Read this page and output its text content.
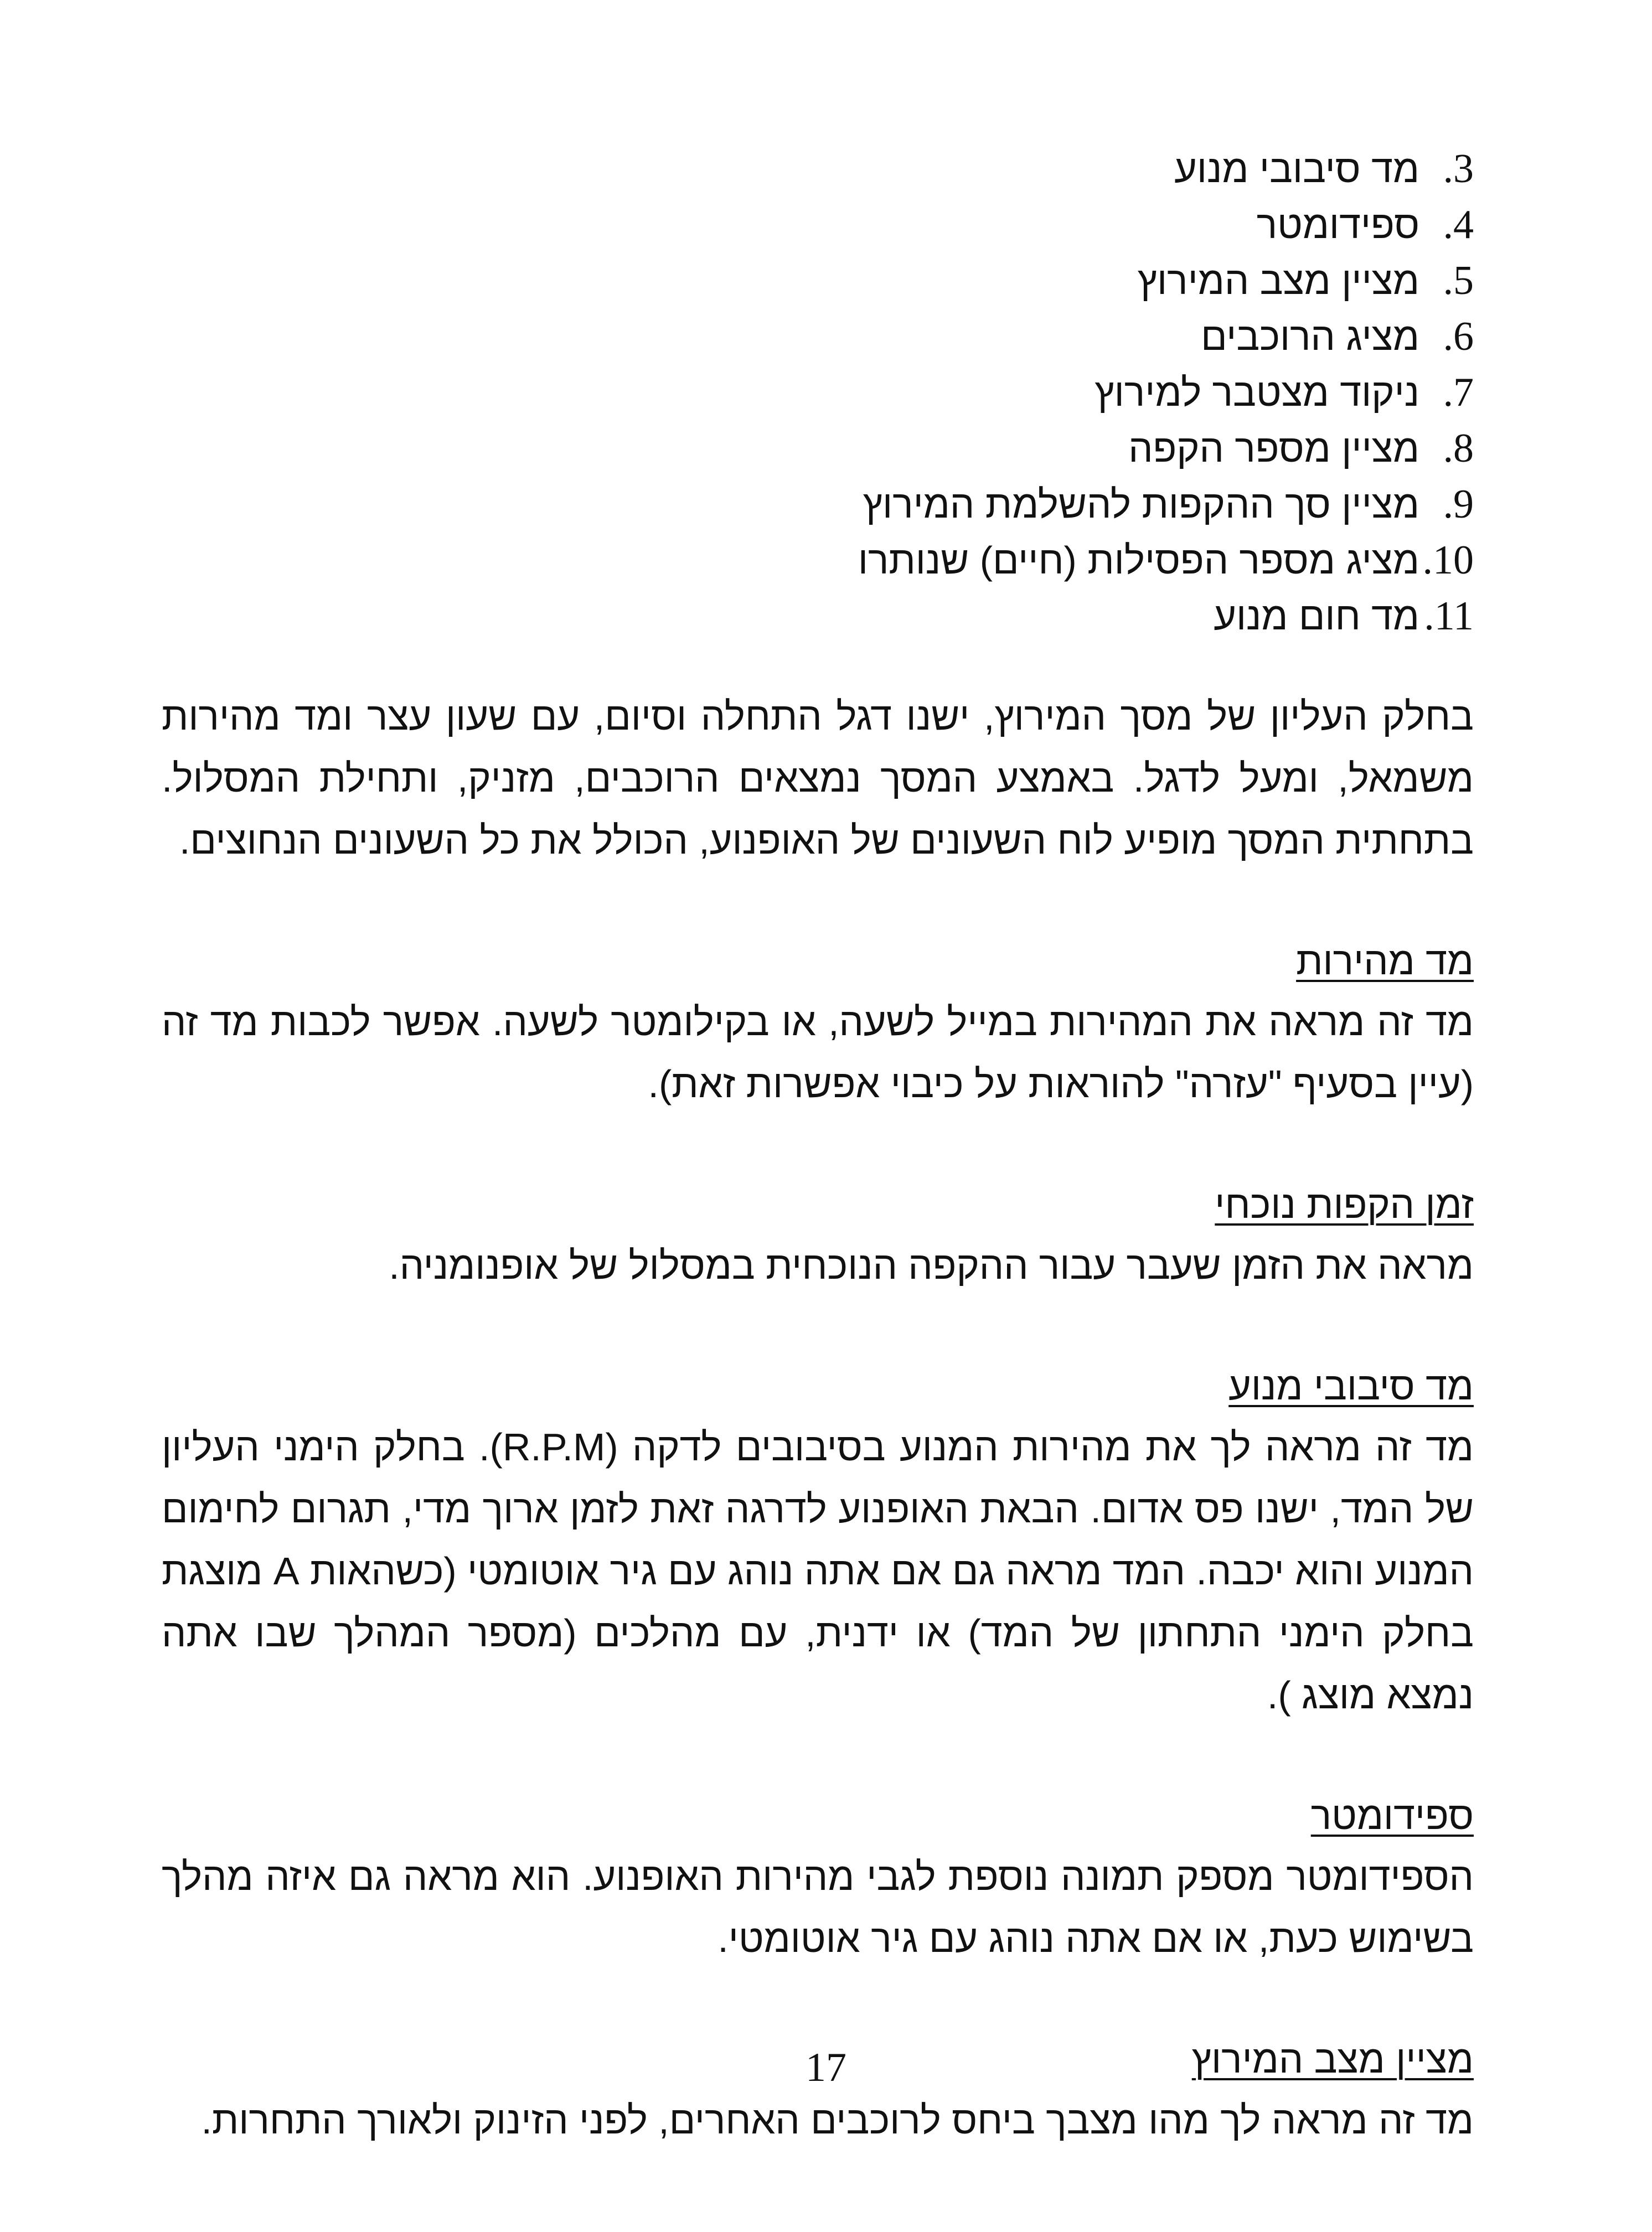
3.
מד סיבובי מנוע
4.
ספידומטר
5.
מציין מצב המירוץ
6.
מציג הרוכבים
7.
ניקוד מצטבר למירוץ
8.
מציין מספר הקפה
9.
מציין סך ההקפות להשלמת המירוץ
10.
מציג מספר הפסילות (חיים) שנותרו
11.
מד חום מנוע

בחלק העליון של מסך המירוץ, ישנו דגל התחלה וסיום, עם שעון עצר ומד מהירות משמאל, ומעל לדגל. באמצע המסך נמצאים הרוכבים, מזניק, ותחילת המסלול. בתחתית המסך מופיע לוח השעונים של האופנוע, הכולל את כל השעונים הנחוצים.

מד מהירות

מד זה מראה את המהירות במייל לשעה, או בקילומטר לשעה. אפשר לכבות מד זה (עיין בסעיף "עזרה" להוראות על כיבוי אפשרות זאת).

זמן הקפות נוכחי

מראה את הזמן שעבר עבור ההקפה הנוכחית במסלול של אופנומניה.

מד סיבובי מנוע

מד זה מראה לך את מהירות המנוע בסיבובים לדקה (R.P.M). בחלק הימני העליון של המד, ישנו פס אדום. הבאת האופנוע לדרגה זאת לזמן ארוך מדי, תגרום לחימום המנוע והוא יכבה. המד מראה גם אם אתה נוהג עם גיר אוטומטי (כשהאות A מוצגת בחלק הימני התחתון של המד) או ידנית, עם מהלכים (מספר המהלך שבו אתה נמצא מוצג ).

ספידומטר

הספידומטר מספק תמונה נוספת לגבי מהירות האופנוע. הוא מראה גם איזה מהלך בשימוש כעת, או אם אתה נוהג עם גיר אוטומטי.

מציין מצב המירוץ

מד זה מראה לך מהו מצבך ביחס לרוכבים האחרים, לפני הזינוק ולאורך התחרות.

17
